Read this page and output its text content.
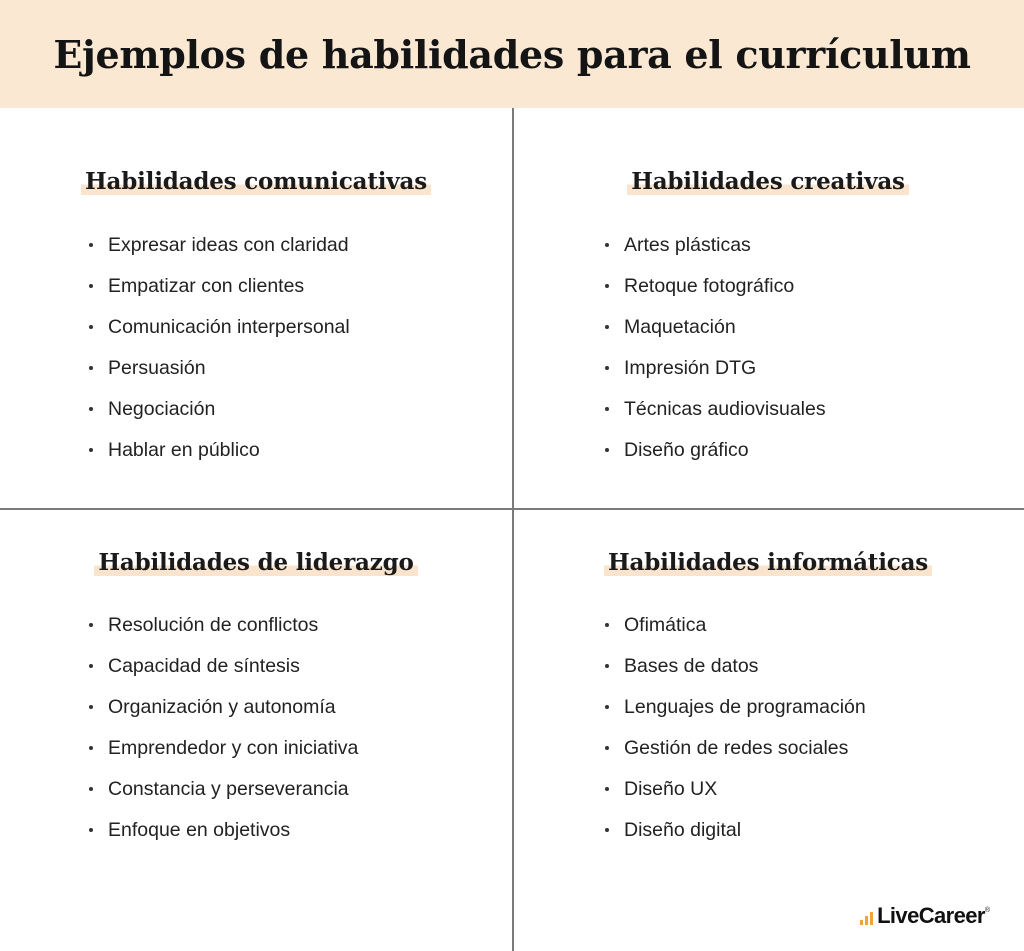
Ejemplos de habilidades para el currículum
Habilidades comunicativas
Expresar ideas con claridad
Empatizar con clientes
Comunicación interpersonal
Persuasión
Negociación
Hablar en público
Habilidades creativas
Artes plásticas
Retoque fotográfico
Maquetación
Impresión DTG
Técnicas audiovisuales
Diseño gráfico
Habilidades de liderazgo
Resolución de conflictos
Capacidad de síntesis
Organización y autonomía
Emprendedor y con iniciativa
Constancia y perseverancia
Enfoque en objetivos
Habilidades informáticas
Ofimática
Bases de datos
Lenguajes de programación
Gestión de redes sociales
Diseño UX
Diseño digital
LiveCareer ®
